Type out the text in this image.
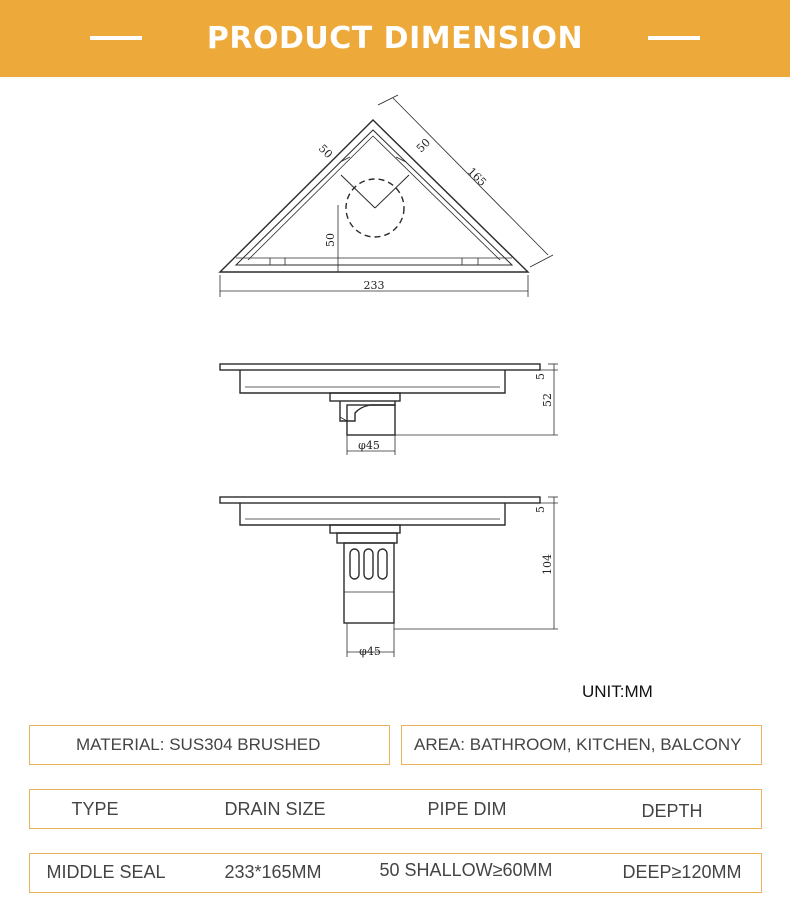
PRODUCT DIMENSION
50	50
165
50
233
5
52
φ45
5
104
φ45
UNIT:MM
MATERIAL: SUS304 BRUSHED	AREA: BATHROOM, KITCHEN, BALCONY
TYPE	DRAIN SIZE	PIPE DIM	DEPTH
MIDDLE SEAL	233*165MM	50 SHALLOW≥60MM	DEEP≥120MM
